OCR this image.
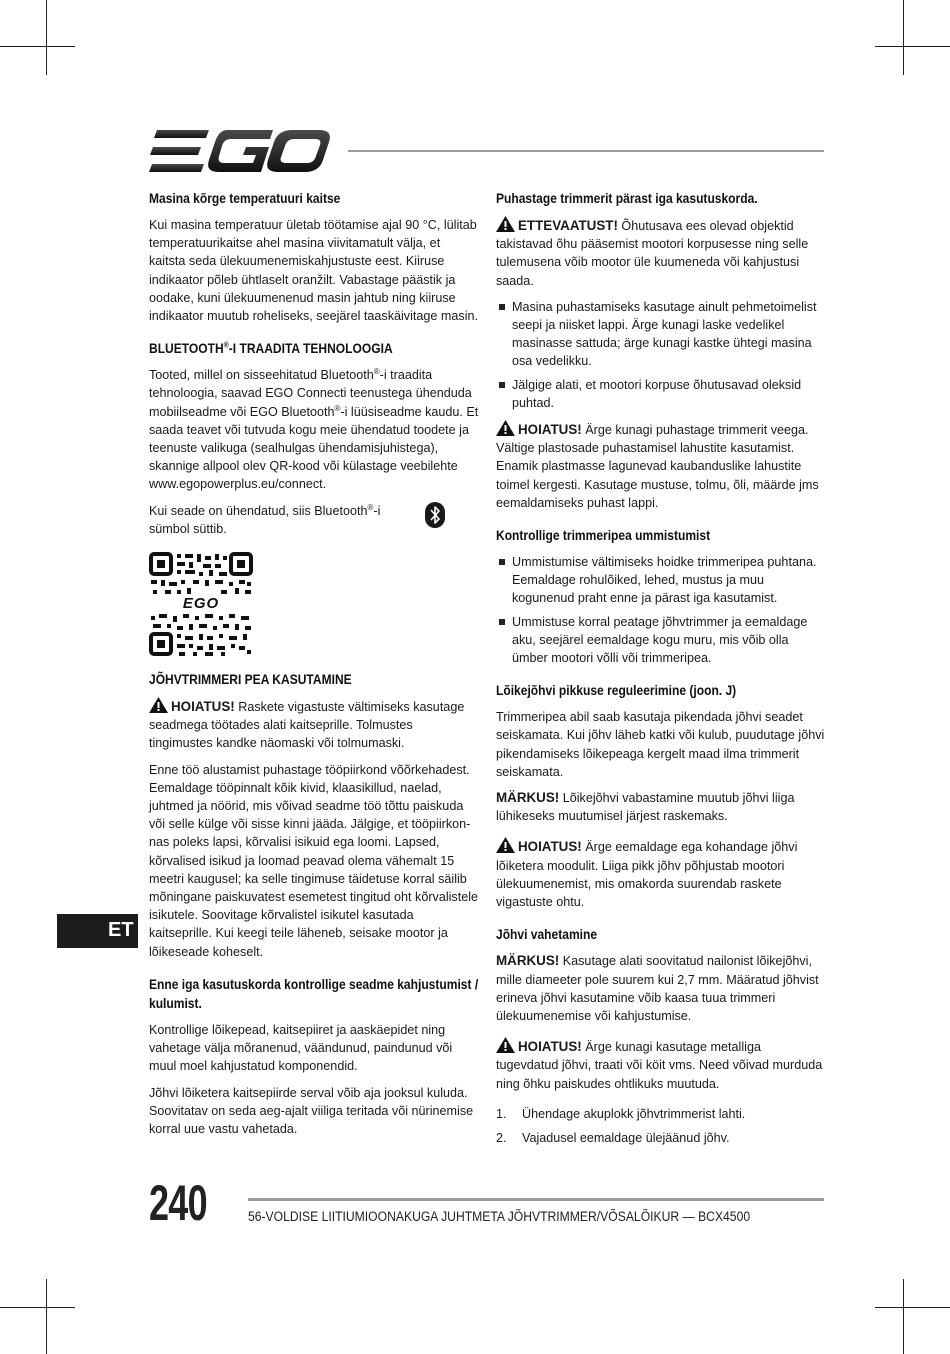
Masina kõrge temperatuuri kaitse

Kui masina temperatuur ületab töötamise ajal 90 °C, lülitab temperatuurikaitse ahel masina viivitamatult välja, et kaitsta seda ülekuumenemiskahjustuste eest. Kiiruse indikaator põleb ühtlaselt oranžilt. Vabastage päästik ja oodake, kuni ülekuumenenud masin jahtub ning kiiruse indikaator muutub roheliseks, seejärel taaskäivitage masin.

BLUETOOTH®-I TRAADITA TEHNOLOOGIA

Tooted, millel on sisseehitatud Bluetooth®-i traadita tehnoloogia, saavad EGO Connecti teenustega ühenduda mobiilseadme või EGO Bluetooth®-i lüüsiseadme kaudu. Et saada teavet või tutvuda kogu meie ühendatud toodete ja teenuste valikuga (sealhulgas ühendamisjuhistega), skannige allpool olev QR-kood või külastage veebilehte www.egopowerplus.eu/connect.

Kui seade on ühendatud, siis Bluetooth®-i sümbol süttib.

EGO
JÕHVTRIMMERI PEA KASUTAMINE

HOIATUS! Raskete vigastuste vältimiseks kasutage seadmega töötades alati kaitseprille. Tolmustes tingimustes kandke näomaski või tolmumaski.

Enne töö alustamist puhastage tööpiirkond võõrkehadest. Eemaldage tööpinnalt kõik kivid, klaasikillud, naelad, juhtmed ja nöörid, mis võivad seadme töö tõttu paiskuda või selle külge või sisse kinni jääda. Jälgige, et tööpiirkon-nas poleks lapsi, kõrvalisi isikuid ega loomi. Lapsed, kõrvalised isikud ja loomad peavad olema vähemalt 15 meetri kaugusel; ka selle tingimuse täidetuse korral säilib mõningane paiskuvatest esemetest tingitud oht kõrvalistele isikutele. Soovitage kõrvalistel isikutel kasutada kaitseprille. Kui keegi teile läheneb, seisake mootor ja lõikeseade koheselt.

Enne iga kasutuskorda kontrollige seadme kahjustumist / kulumist.

Kontrollige lõikepead, kaitsepiiret ja aaskäepidet ning vahetage välja mõranenud, väändunud, paindunud või muul moel kahjustatud komponendid.

Jõhvi lõiketera kaitsepiirde serval võib aja jooksul kuluda. Soovitatav on seda aeg-ajalt viiliga teritada või nürinemise korral uue vastu vahetada.

Puhastage trimmerit pärast iga kasutuskorda.

ETTEVAATUST! Õhutusava ees olevad objektid takistavad õhu pääsemist mootori korpusesse ning selle tulemusena võib mootor üle kuumeneda või kahjustusi saada.

Masina puhastamiseks kasutage ainult pehmetoimelist seepi ja niisket lappi. Ärge kunagi laske vedelikel masinasse sattuda; ärge kunagi kastke ühtegi masina osa vedelikku.
Jälgige alati, et mootori korpuse õhutusavad oleksid puhtad.

HOIATUS! Ärge kunagi puhastage trimmerit veega. Vältige plastosade puhastamisel lahustite kasutamist. Enamik plastmasse lagunevad kaubanduslike lahustite toimel kergesti. Kasutage mustuse, tolmu, õli, määrde jms eemaldamiseks puhast lappi.

Kontrollige trimmeripea ummistumist
Ummistumise vältimiseks hoidke trimmeripea puhtana. Eemaldage rohulõiked, lehed, mustus ja muu kogunenud praht enne ja pärast iga kasutamist.
Ummistuse korral peatage jõhvtrimmer ja eemaldage aku, seejärel eemaldage kogu muru, mis võib olla ümber mootori võlli või trimmeripea.
Lõikejõhvi pikkuse reguleerimine (joon. J)

Trimmeripea abil saab kasutaja pikendada jõhvi seadet seiskamata. Kui jõhv läheb katki või kulub, puudutage jõhvi pikendamiseks lõikepeaga kergelt maad ilma trimmerit seiskamata.

MÄRKUS! Lõikejõhvi vabastamine muutub jõhvi liiga lühikeseks muutumisel järjest raskemaks.

HOIATUS! Ärge eemaldage ega kohandage jõhvi lõiketera moodulit. Liiga pikk jõhv põhjustab mootori ülekuumenemist, mis omakorda suurendab raskete vigastuste ohtu.

Jõhvi vahetamine

MÄRKUS! Kasutage alati soovitatud nailonist lõikejõhvi, mille diameeter pole suurem kui 2,7 mm. Määratud jõhvist erineva jõhvi kasutamine võib kaasa tuua trimmeri ülekuumenemise või kahjustumise.

HOIATUS! Ärge kunagi kasutage metalliga tugevdatud jõhvi, traati või köit vms. Need võivad murduda ning õhku paiskudes ohtlikuks muutuda.

1.	Ühendage akuplokk jõhvtrimmerist lahti.
2.	Vajadusel eemaldage ülejäänud jõhv.
ET
240	56-VOLDISE LIITIUMIOONAKUGA JUHTMETA JÕHVTRIMMER/VÕSALÕIKUR — BCX4500
